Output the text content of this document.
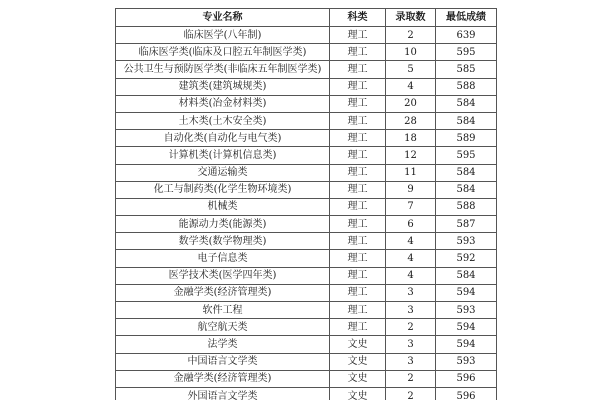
专业名称	科类	录取数	最低成绩
临床医学(八年制)	理工	2	639
临床医学类(临床及口腔五年制医学类)	理工	10	595
公共卫生与预防医学类(非临床五年制医学类)	理工	5	585
建筑类(建筑城规类)	理工	4	588
材料类(冶金材料类)	理工	20	584
土木类(土木安全类)	理工	28	584
自动化类(自动化与电气类)	理工	18	589
计算机类(计算机信息类)	理工	12	595
交通运输类	理工	11	584
化工与制药类(化学生物环境类)	理工	9	584
机械类	理工	7	588
能源动力类(能源类)	理工	6	587
数学类(数学物理类)	理工	4	593
电子信息类	理工	4	592
医学技术类(医学四年类)	理工	4	584
金融学类(经济管理类)	理工	3	594
软件工程	理工	3	593
航空航天类	理工	2	594
法学类	文史	3	594
中国语言文学类	文史	3	593
金融学类(经济管理类)	文史	2	596
外国语言文学类	文史	2	596
